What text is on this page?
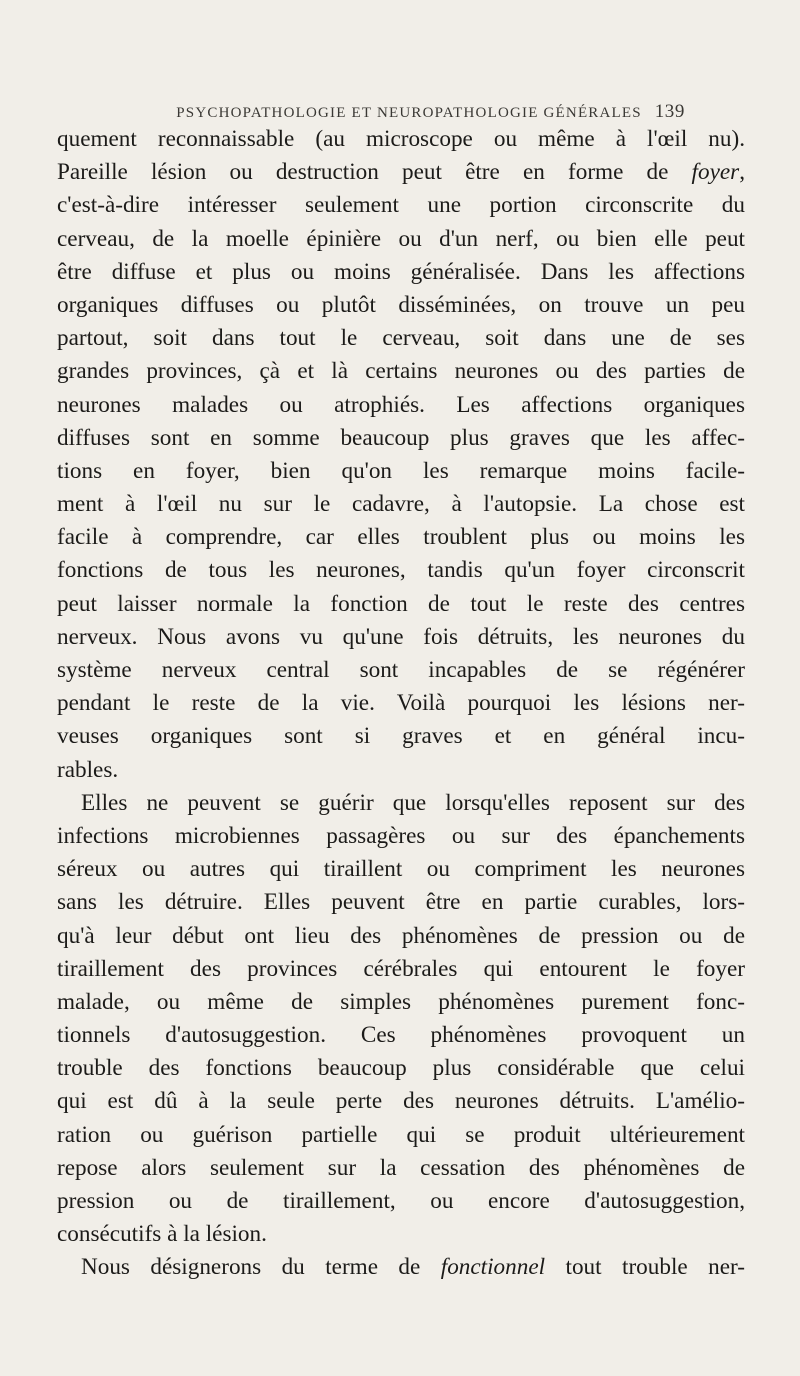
PSYCHOPATHOLOGIE ET NEUROPATHOLOGIE GÉNÉRALES 139
quement reconnaissable (au microscope ou même à l'œil nu).
Pareille lésion ou destruction peut être en forme de foyer,
c'est-à-dire intéresser seulement une portion circonscrite du
cerveau, de la moelle épinière ou d'un nerf, ou bien elle peut
être diffuse et plus ou moins généralisée. Dans les affections
organiques diffuses ou plutôt disséminées, on trouve un peu
partout, soit dans tout le cerveau, soit dans une de ses
grandes provinces, çà et là certains neurones ou des parties de
neurones malades ou atrophiés. Les affections organiques
diffuses sont en somme beaucoup plus graves que les affec-
tions en foyer, bien qu'on les remarque moins facile-
ment à l'œil nu sur le cadavre, à l'autopsie. La chose est
facile à comprendre, car elles troublent plus ou moins les
fonctions de tous les neurones, tandis qu'un foyer circonscrit
peut laisser normale la fonction de tout le reste des centres
nerveux. Nous avons vu qu'une fois détruits, les neurones du
système nerveux central sont incapables de se régénérer
pendant le reste de la vie. Voilà pourquoi les lésions ner-
veuses organiques sont si graves et en général incu-
rables.
Elles ne peuvent se guérir que lorsqu'elles reposent sur des
infections microbiennes passagères ou sur des épanchements
séreux ou autres qui tiraillent ou compriment les neurones
sans les détruire. Elles peuvent être en partie curables, lors-
qu'à leur début ont lieu des phénomènes de pression ou de
tiraillement des provinces cérébrales qui entourent le foyer
malade, ou même de simples phénomènes purement fonc-
tionnels d'autosuggestion. Ces phénomènes provoquent un
trouble des fonctions beaucoup plus considérable que celui
qui est dû à la seule perte des neurones détruits. L'amélio-
ration ou guérison partielle qui se produit ultérieurement
repose alors seulement sur la cessation des phénomènes de
pression ou de tiraillement, ou encore d'autosuggestion,
consécutifs à la lésion.
Nous désignerons du terme de fonctionnel tout trouble ner-
